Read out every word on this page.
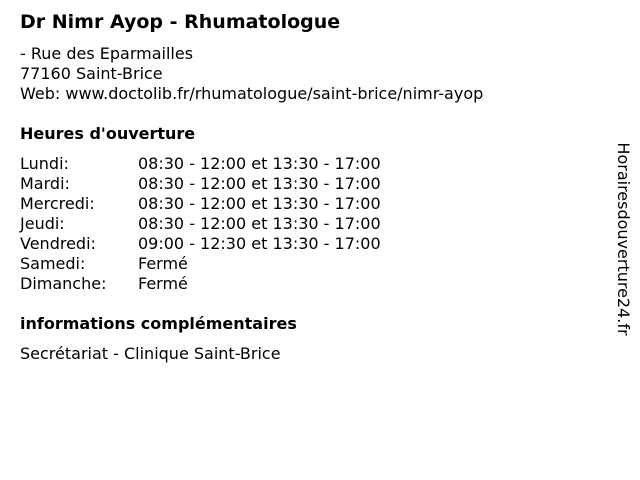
Dr Nimr Ayop - Rhumatologue
- Rue des Eparmailles
77160 Saint-Brice
Web: www.doctolib.fr/rhumatologue/saint-brice/nimr-ayop
Heures d'ouverture
Lundi:	08:30 - 12:00 et 13:30 - 17:00
Mardi:	08:30 - 12:00 et 13:30 - 17:00
Mercredi:	08:30 - 12:00 et 13:30 - 17:00
Jeudi:	08:30 - 12:00 et 13:30 - 17:00
Vendredi:	09:00 - 12:30 et 13:30 - 17:00
Samedi:	Fermé
Dimanche:	Fermé
informations complémentaires
Secrétariat - Clinique Saint-Brice
Horairesdouverture24.fr
